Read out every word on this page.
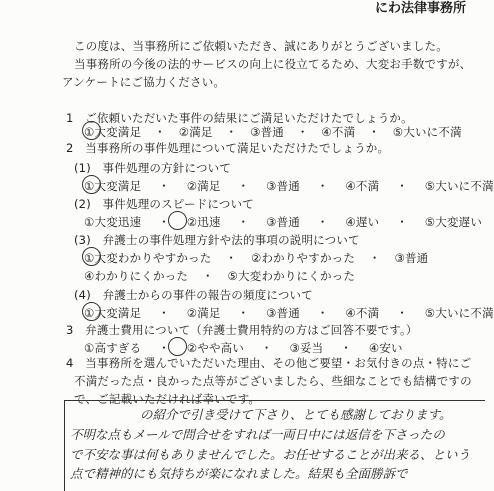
にわ法律事務所
この度は、当事務所にご依頼いただき、誠にありがとうございました。
当事務所の今後の法的サービスの向上に役立てるため、大変お手数ですが、
アンケートにご協力ください。
1　ご依頼いただいた事件の結果にご満足いただけたでしょうか。
①大変満足 ・ ②満足 ・ ③普通 ・ ④不満 ・ ⑤大いに不満
2　当事務所の事件処理について満足いただけたでしょうか。
(1)　事件処理の方針について
①大変満足 ・ ②満足 ・ ③普通 ・ ④不満 ・ ⑤大いに不満
(2)　事件処理のスピードについて
①大変迅速 ・ ②迅速 ・ ③普通 ・ ④遅い ・ ⑤大変遅い
(3)　弁護士の事件処理方針や法的事項の説明について
①大変わかりやすかった ・ ②わかりやすかった ・ ③普通
④わかりにくかった ・ ⑤大変わかりにくかった
(4)　弁護士からの事件の報告の頻度について
①大変満足 ・ ②満足 ・ ③普通 ・ ④不満 ・ ⑤大いに不満
3　弁護士費用について（弁護士費用特約の方はご回答不要です。）
①高すぎる ・ ②やや高い ・ ③妥当 ・ ④安い
4　当事務所を選んでいただいた理由、その他ご要望・お気付きの点・特にご
不満だった点・良かった点等がございましたら、些細なことでも結構ですの
で、ご記載いただければ幸いです。
の紹介で引き受けて下さり、とても感謝しております。
不明な点もメールで問合せをすれば一両日中には返信を下さったの
で不安な事は何もありませんでした。お任せすることが出来る、という
点で精神的にも気持ちが楽になれました。結果も全面勝訴で
